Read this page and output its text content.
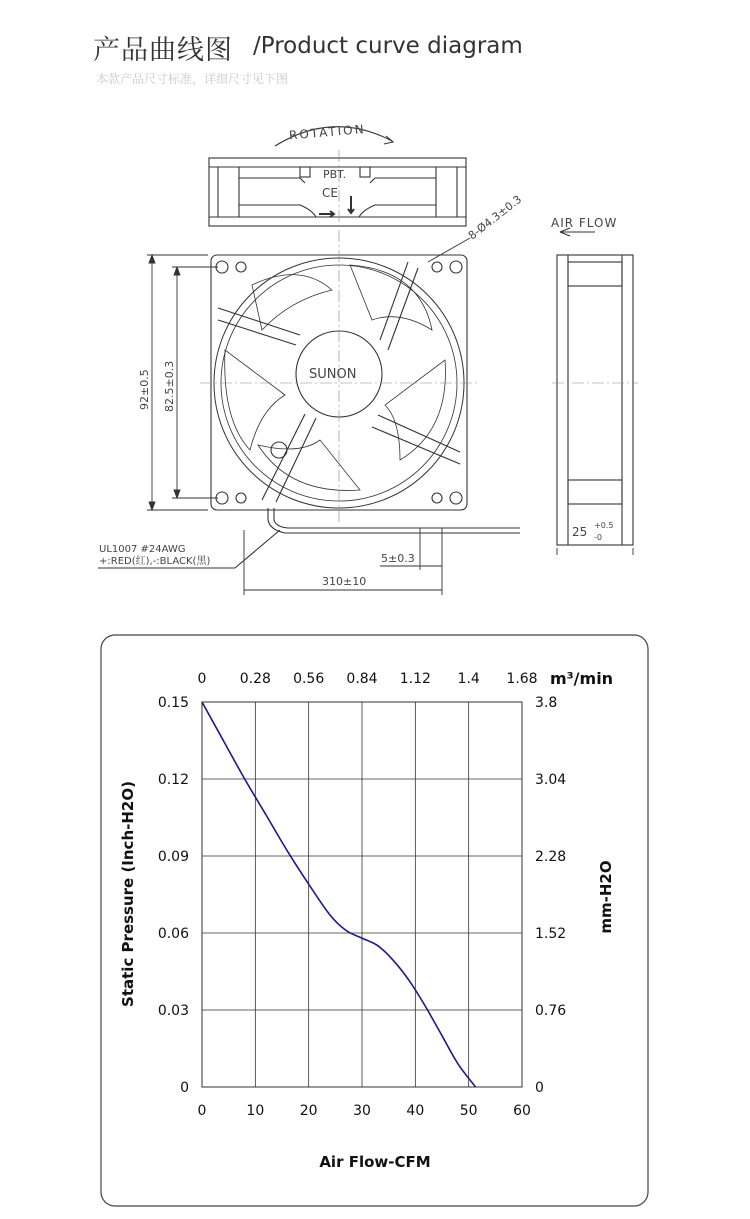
产品曲线图 /Product curve diagram
本款产品尺寸标准，详细尺寸见下图
ROTATION
PBT.
CE
AIR FLOW
8-Ø4.3±0.3
SUNON
92±0.5 82.5±0.3
25 +0.5
-0
5±0.3
310±10
UL1007 #24AWG
+:RED(红),-:BLACK(黑)
0
0
10
0.28
20
0.56
30
0.84
40
1.12
50
1.4
60
1.68
0	0
0.03	0.76
0.06	1.52
0.09	2.28
0.12	3.04
0.15	3.8
m³/min
Air Flow-CFM
Static Pressure (Inch-H2O)	mm-H2O
